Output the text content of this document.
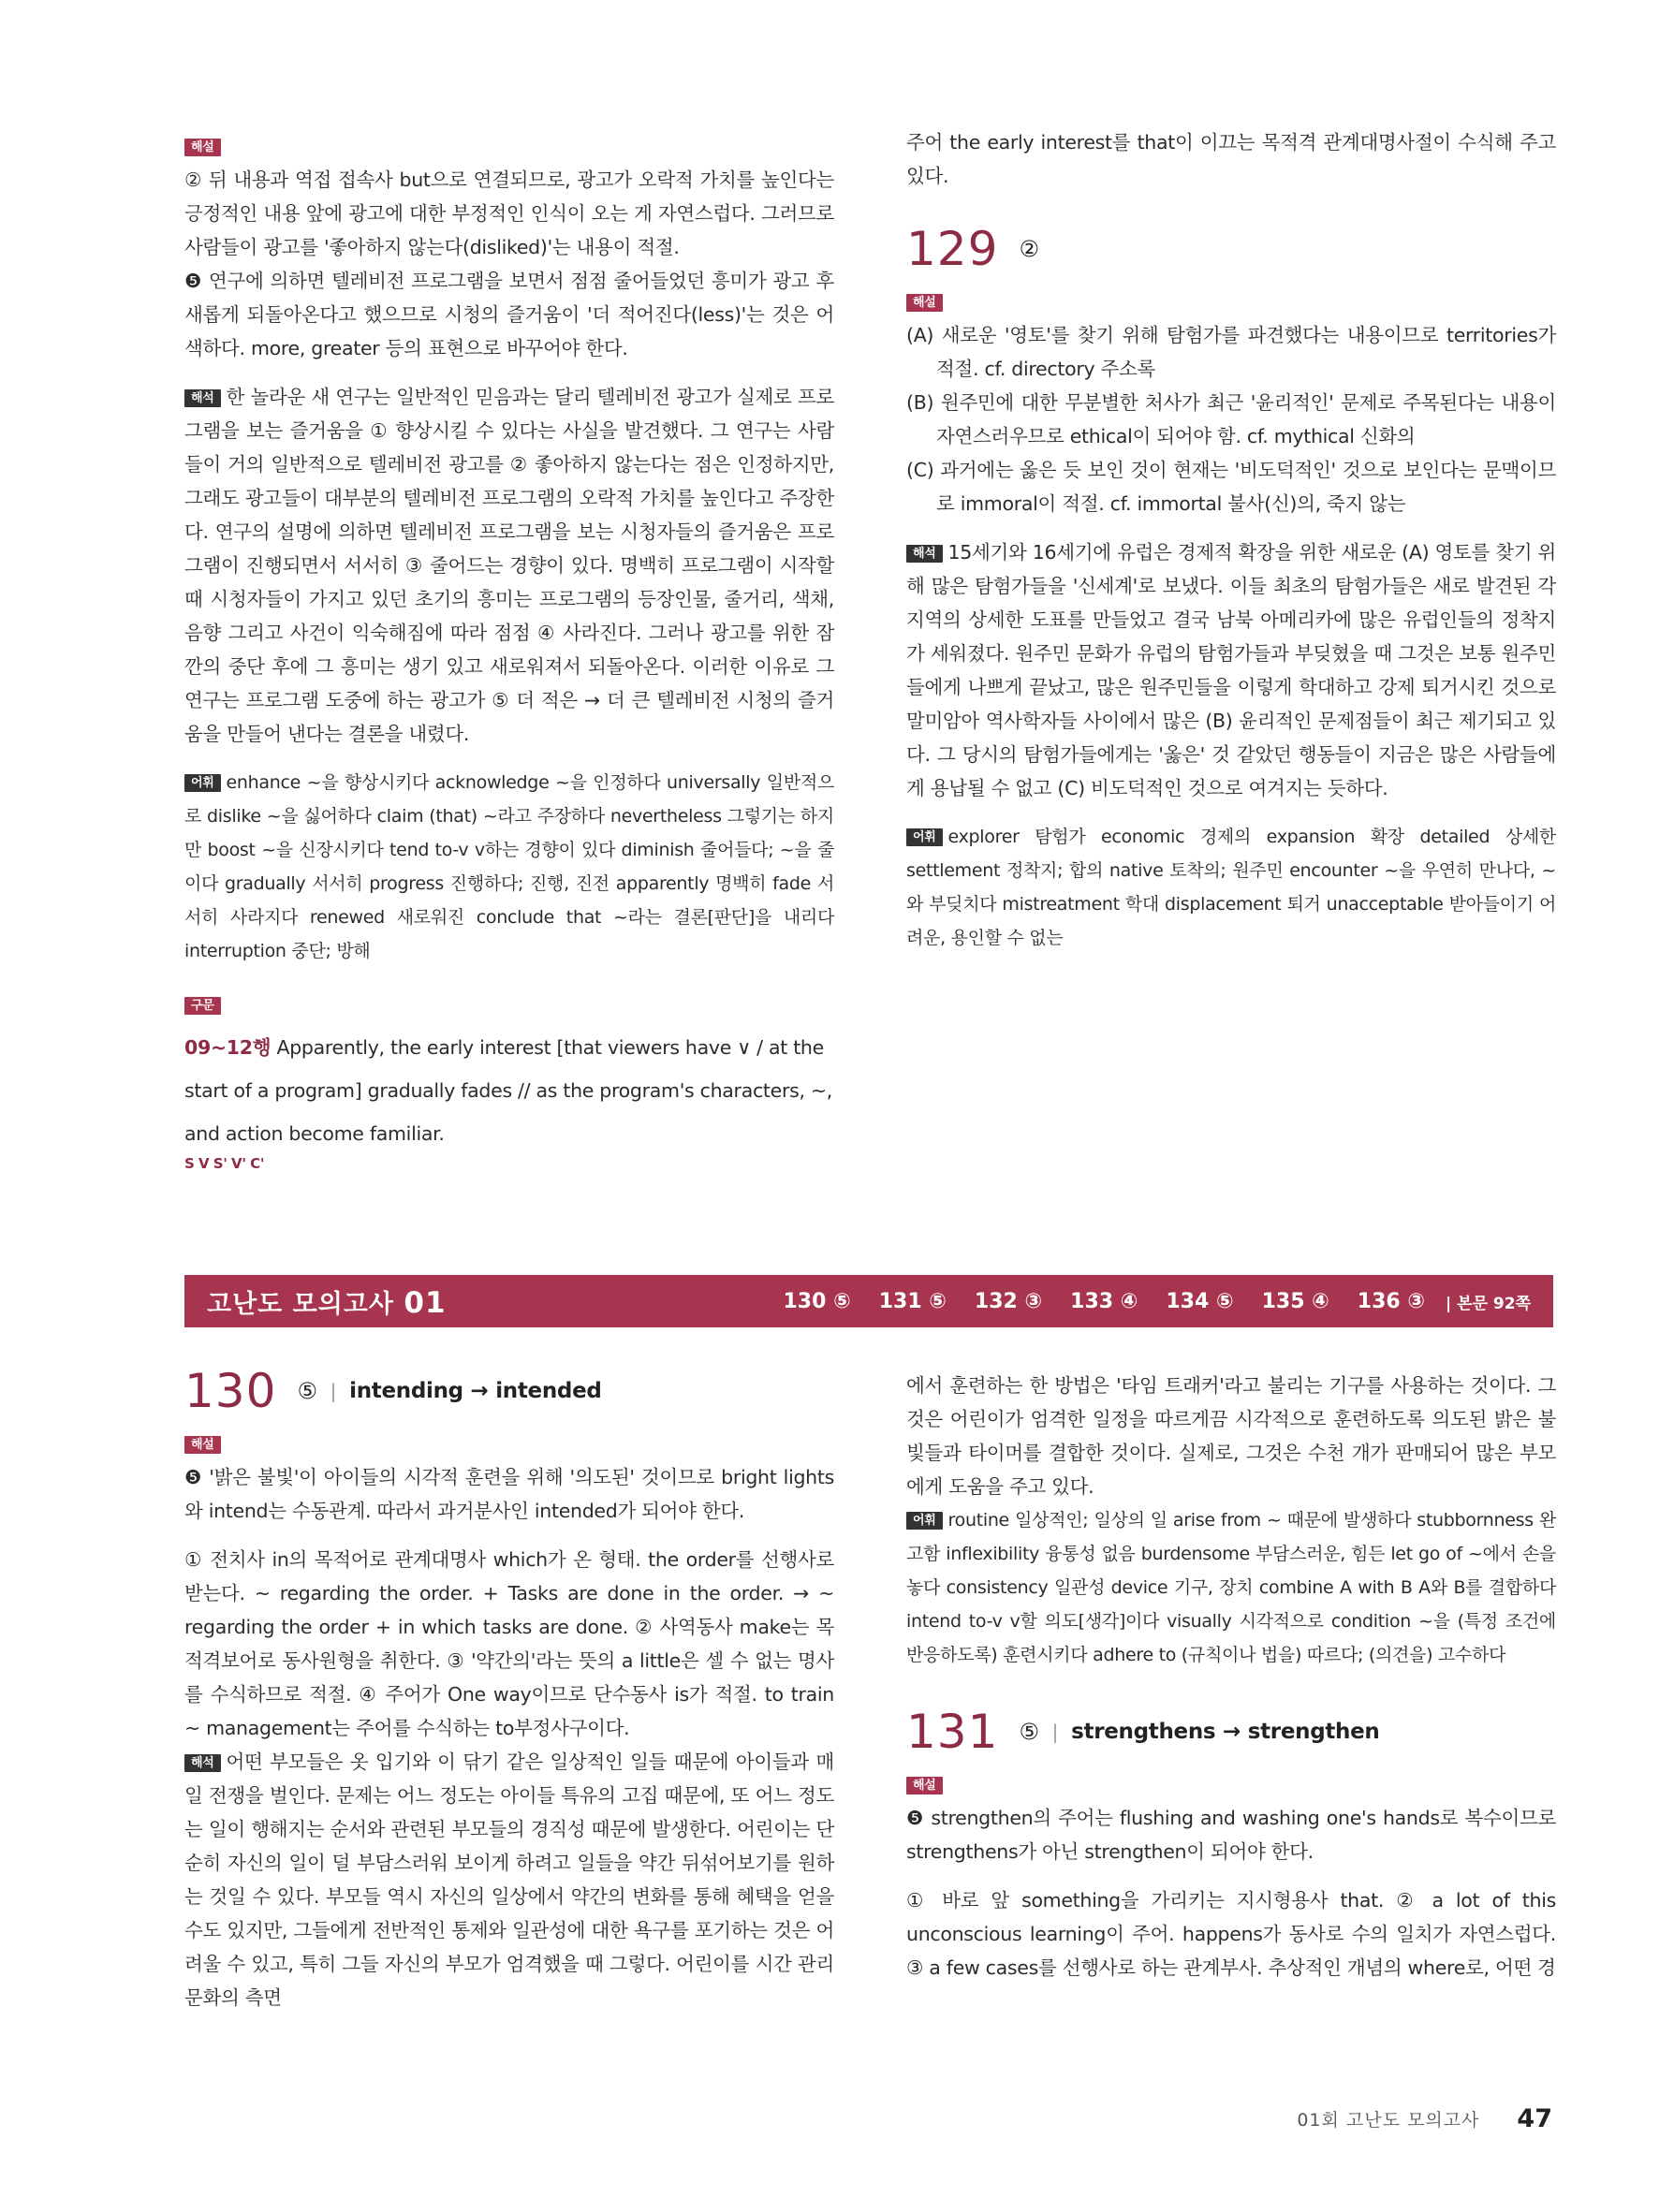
해설

② 뒤 내용과 역접 접속사 but으로 연결되므로, 광고가 오락적 가치를 높인다는 긍정적인 내용 앞에 광고에 대한 부정적인 인식이 오는 게 자연스럽다. 그러므로 사람들이 광고를 '좋아하지 않는다(disliked)'는 내용이 적절.

❺ 연구에 의하면 텔레비전 프로그램을 보면서 점점 줄어들었던 흥미가 광고 후 새롭게 되돌아온다고 했으므로 시청의 즐거움이 '더 적어진다(less)'는 것은 어색하다. more, greater 등의 표현으로 바꾸어야 한다.

해석 한 놀라운 새 연구는 일반적인 믿음과는 달리 텔레비전 광고가 실제로 프로그램을 보는 즐거움을 ① 향상시킬 수 있다는 사실을 발견했다. 그 연구는 사람들이 거의 일반적으로 텔레비전 광고를 ② 좋아하지 않는다는 점은 인정하지만, 그래도 광고들이 대부분의 텔레비전 프로그램의 오락적 가치를 높인다고 주장한다. 연구의 설명에 의하면 텔레비전 프로그램을 보는 시청자들의 즐거움은 프로그램이 진행되면서 서서히 ③ 줄어드는 경향이 있다. 명백히 프로그램이 시작할 때 시청자들이 가지고 있던 초기의 흥미는 프로그램의 등장인물, 줄거리, 색채, 음향 그리고 사건이 익숙해짐에 따라 점점 ④ 사라진다. 그러나 광고를 위한 잠깐의 중단 후에 그 흥미는 생기 있고 새로워져서 되돌아온다. 이러한 이유로 그 연구는 프로그램 도중에 하는 광고가 ⑤ 더 적은 → 더 큰 텔레비전 시청의 즐거움을 만들어 낸다는 결론을 내렸다.

어휘 enhance ~을 향상시키다 acknowledge ~을 인정하다 universally 일반적으로 dislike ~을 싫어하다 claim (that) ~라고 주장하다 nevertheless 그렇기는 하지만 boost ~을 신장시키다 tend to-v v하는 경향이 있다 diminish 줄어들다; ~을 줄이다 gradually 서서히 progress 진행하다; 진행, 진전 apparently 명백히 fade 서서히 사라지다 renewed 새로워진 conclude that ~라는 결론[판단]을 내리다 interruption 중단; 방해

구문
09~12행 Apparently, the early interest [that viewers have ∨ / at the
start of a program] gradually fades // as the program's characters, ~,
and action become familiar.
S V S' V' C'

주어 the early interest를 that이 이끄는 목적격 관계대명사절이 수식해 주고 있다.

129 ②
해설

(A) 새로운 '영토'를 찾기 위해 탐험가를 파견했다는 내용이므로 territories가 적절. cf. directory 주소록

(B) 원주민에 대한 무분별한 처사가 최근 '윤리적인' 문제로 주목된다는 내용이 자연스러우므로 ethical이 되어야 함. cf. mythical 신화의

(C) 과거에는 옳은 듯 보인 것이 현재는 '비도덕적인' 것으로 보인다는 문맥이므로 immoral이 적절. cf. immortal 불사(신)의, 죽지 않는

해석 15세기와 16세기에 유럽은 경제적 확장을 위한 새로운 (A) 영토를 찾기 위해 많은 탐험가들을 '신세계'로 보냈다. 이들 최초의 탐험가들은 새로 발견된 각 지역의 상세한 도표를 만들었고 결국 남북 아메리카에 많은 유럽인들의 정착지가 세워졌다. 원주민 문화가 유럽의 탐험가들과 부딪혔을 때 그것은 보통 원주민들에게 나쁘게 끝났고, 많은 원주민들을 이렇게 학대하고 강제 퇴거시킨 것으로 말미암아 역사학자들 사이에서 많은 (B) 윤리적인 문제점들이 최근 제기되고 있다. 그 당시의 탐험가들에게는 '옳은' 것 같았던 행동들이 지금은 많은 사람들에게 용납될 수 없고 (C) 비도덕적인 것으로 여겨지는 듯하다.

어휘 explorer 탐험가 economic 경제의 expansion 확장 detailed 상세한 settlement 정착지; 합의 native 토착의; 원주민 encounter ~을 우연히 만나다, ~와 부딪치다 mistreatment 학대 displacement 퇴거 unacceptable 받아들이기 어려운, 용인할 수 없는

고난도 모의고사 01	130 ⑤ 131 ⑤ 132 ③ 133 ④ 134 ⑤ 135 ④ 136 ③ | 본문 92쪽
130 ⑤ | intending → intended
해설

❺ '밝은 불빛'이 아이들의 시각적 훈련을 위해 '의도된' 것이므로 bright lights와 intend는 수동관계. 따라서 과거분사인 intended가 되어야 한다.

① 전치사 in의 목적어로 관계대명사 which가 온 형태. the order를 선행사로 받는다. ~ regarding the order. + Tasks are done in the order. → ~ regarding the order + in which tasks are done. ② 사역동사 make는 목적격보어로 동사원형을 취한다. ③ '약간의'라는 뜻의 a little은 셀 수 없는 명사를 수식하므로 적절. ④ 주어가 One way이므로 단수동사 is가 적절. to train ~ management는 주어를 수식하는 to부정사구이다.

해석 어떤 부모들은 옷 입기와 이 닦기 같은 일상적인 일들 때문에 아이들과 매일 전쟁을 벌인다. 문제는 어느 정도는 아이들 특유의 고집 때문에, 또 어느 정도는 일이 행해지는 순서와 관련된 부모들의 경직성 때문에 발생한다. 어린이는 단순히 자신의 일이 덜 부담스러워 보이게 하려고 일들을 약간 뒤섞어보기를 원하는 것일 수 있다. 부모들 역시 자신의 일상에서 약간의 변화를 통해 혜택을 얻을 수도 있지만, 그들에게 전반적인 통제와 일관성에 대한 욕구를 포기하는 것은 어려울 수 있고, 특히 그들 자신의 부모가 엄격했을 때 그렇다. 어린이를 시간 관리 문화의 측면

에서 훈련하는 한 방법은 '타임 트래커'라고 불리는 기구를 사용하는 것이다. 그것은 어린이가 엄격한 일정을 따르게끔 시각적으로 훈련하도록 의도된 밝은 불빛들과 타이머를 결합한 것이다. 실제로, 그것은 수천 개가 판매되어 많은 부모에게 도움을 주고 있다.

어휘 routine 일상적인; 일상의 일 arise from ~ 때문에 발생하다 stubbornness 완고함 inflexibility 융통성 없음 burdensome 부담스러운, 힘든 let go of ~에서 손을 놓다 consistency 일관성 device 기구, 장치 combine A with B A와 B를 결합하다 intend to-v v할 의도[생각]이다 visually 시각적으로 condition ~을 (특정 조건에 반응하도록) 훈련시키다 adhere to (규칙이나 법을) 따르다; (의견을) 고수하다

131 ⑤ | strengthens → strengthen
해설

❺ strengthen의 주어는 flushing and washing one's hands로 복수이므로 strengthens가 아닌 strengthen이 되어야 한다.

① 바로 앞 something을 가리키는 지시형용사 that. ② a lot of this unconscious learning이 주어. happens가 동사로 수의 일치가 자연스럽다. ③ a few cases를 선행사로 하는 관계부사. 추상적인 개념의 where로, 어떤 경

01회 고난도 모의고사 47
